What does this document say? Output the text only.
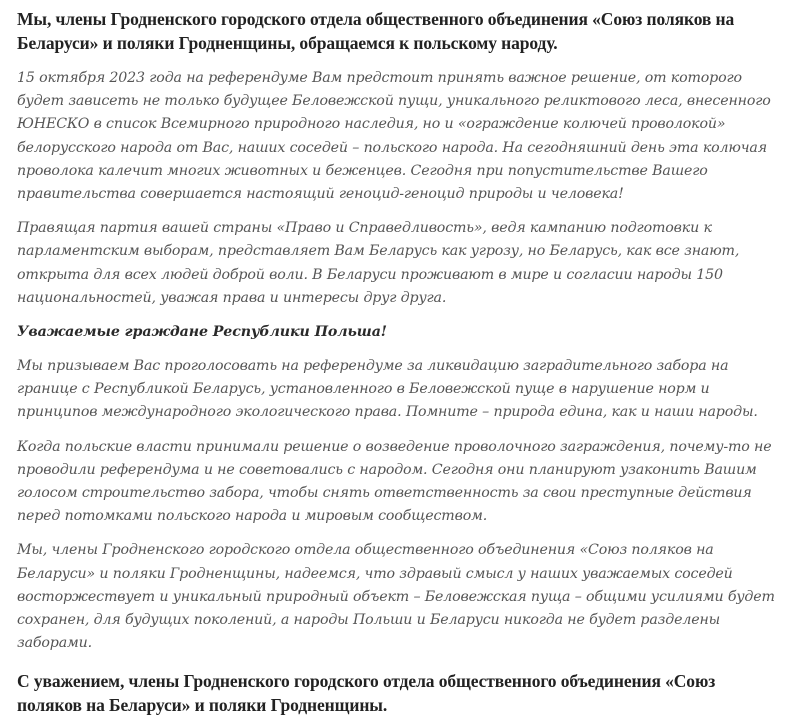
Мы, члены Гродненского городского отдела общественного объединения «Союз поляков на Беларуси» и поляки Гродненщины, обращаемся к польскому народу.

15 октября 2023 года на референдуме Вам предстоит принять важное решение, от которого будет зависеть не только будущее Беловежской пущи, уникального реликтового леса, внесенного ЮНЕСКО в список Всемирного природного наследия, но и «ограждение колючей проволокой» белорусского народа от Вас, наших соседей – польского народа. На сегодняшний день эта колючая проволока калечит многих животных и беженцев. Сегодня при попустительстве Вашего правительства совершается настоящий геноцид-геноцид природы и человека!

Правящая партия вашей страны «Право и Справедливость», ведя кампанию подготовки к парламентским выборам, представляет Вам Беларусь как угрозу, но Беларусь, как все знают, открыта для всех людей доброй воли. В Беларуси проживают в мире и согласии народы 150 национальностей, уважая права и интересы друг друга.

Уважаемые граждане Республики Польша!

Мы призываем Вас проголосовать на референдуме за ликвидацию заградительного забора на границе с Республикой Беларусь, установленного в Беловежской пуще в нарушение норм и принципов международного экологического права. Помните – природа едина, как и наши народы.

Когда польские власти принимали решение о возведение проволочного заграждения, почему-то не проводили референдума и не советовались с народом. Сегодня они планируют узаконить Вашим голосом строительство забора, чтобы снять ответственность за свои преступные действия перед потомками польского народа и мировым сообществом.

Мы, члены Гродненского городского отдела общественного объединения «Союз поляков на Беларуси» и поляки Гродненщины, надеемся, что здравый смысл у наших уважаемых соседей восторжествует и уникальный природный объект – Беловежская пуща – общими усилиями будет сохранен, для будущих поколений, а народы Польши и Беларуси никогда не будет разделены заборами.

С уважением, члены Гродненского городского отдела общественного объединения «Союз поляков на Беларуси» и поляки Гродненщины.
